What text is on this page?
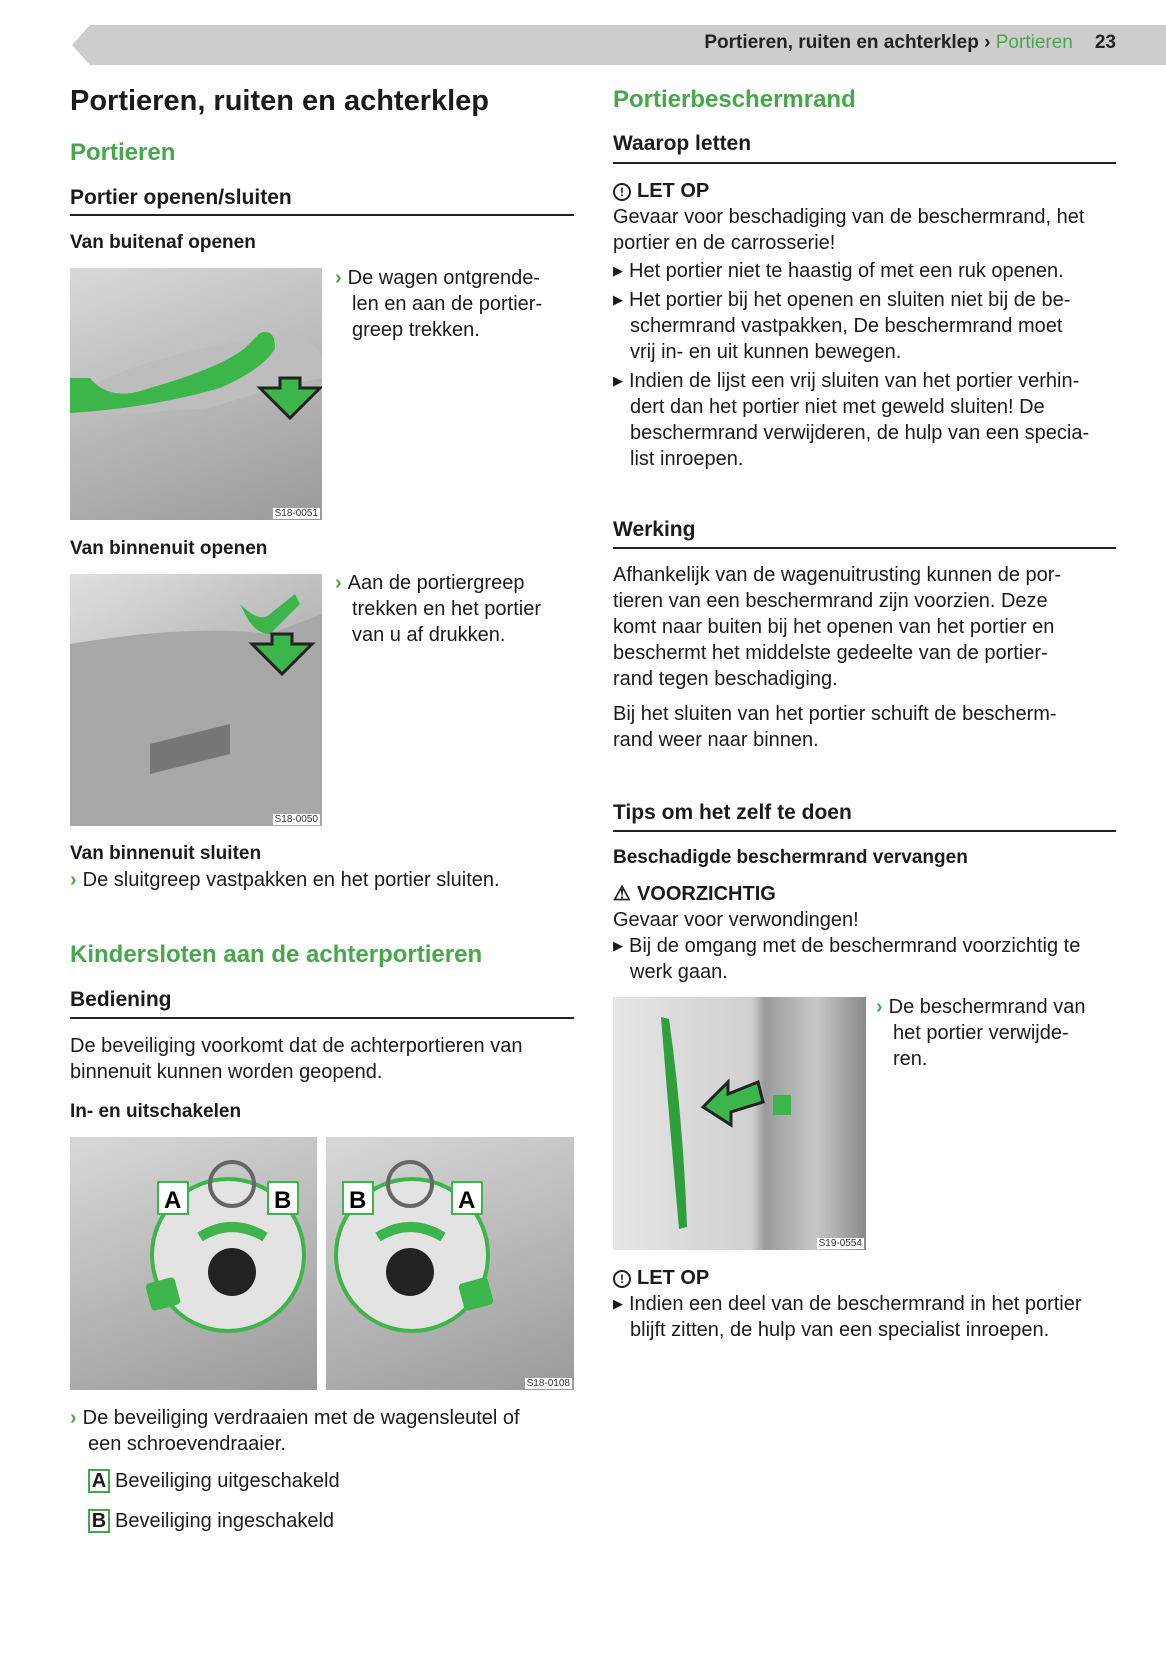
Portieren, ruiten en achterklep › Portieren 23
Portieren, ruiten en achterklep
Portieren
Portier openen/sluiten
Van buitenaf openen
S18-0051
› De wagen ontgrende-
len en aan de portier-
greep trekken.
Van binnenuit openen
S18-0050
› Aan de portiergreep
trekken en het portier
van u af drukken.
Van binnenuit sluiten
› De sluitgreep vastpakken en het portier sluiten.
Kindersloten aan de achterportieren
Bediening
De beveiliging voorkomt dat de achterportieren van
binnenuit kunnen worden geopend.
In- en uitschakelen
A	B B	A
S18-0108
› De beveiliging verdraaien met de wagensleutel of
een schroevendraaier.
A Beveiliging uitgeschakeld
B Beveiliging ingeschakeld
Portierbeschermrand
Waarop letten
! LET OP
Gevaar voor beschadiging van de beschermrand, het
portier en de carrosserie!
▶ Het portier niet te haastig of met een ruk openen.
▶ Het portier bij het openen en sluiten niet bij de be-
schermrand vastpakken, De beschermrand moet
vrij in- en uit kunnen bewegen.
▶ Indien de lijst een vrij sluiten van het portier verhin-
dert dan het portier niet met geweld sluiten! De
beschermrand verwijderen, de hulp van een specia-
list inroepen.
Werking
Afhankelijk van de wagenuitrusting kunnen de por-
tieren van een beschermrand zijn voorzien. Deze
komt naar buiten bij het openen van het portier en
beschermt het middelste gedeelte van de portier-
rand tegen beschadiging.
Bij het sluiten van het portier schuift de bescherm-
rand weer naar binnen.
Tips om het zelf te doen
Beschadigde beschermrand vervangen
⚠ VOORZICHTIG
Gevaar voor verwondingen!
▶ Bij de omgang met de beschermrand voorzichtig te
werk gaan.
S19-0554
› De beschermrand van
het portier verwijde-
ren.
! LET OP
▶ Indien een deel van de beschermrand in het portier
blijft zitten, de hulp van een specialist inroepen.
